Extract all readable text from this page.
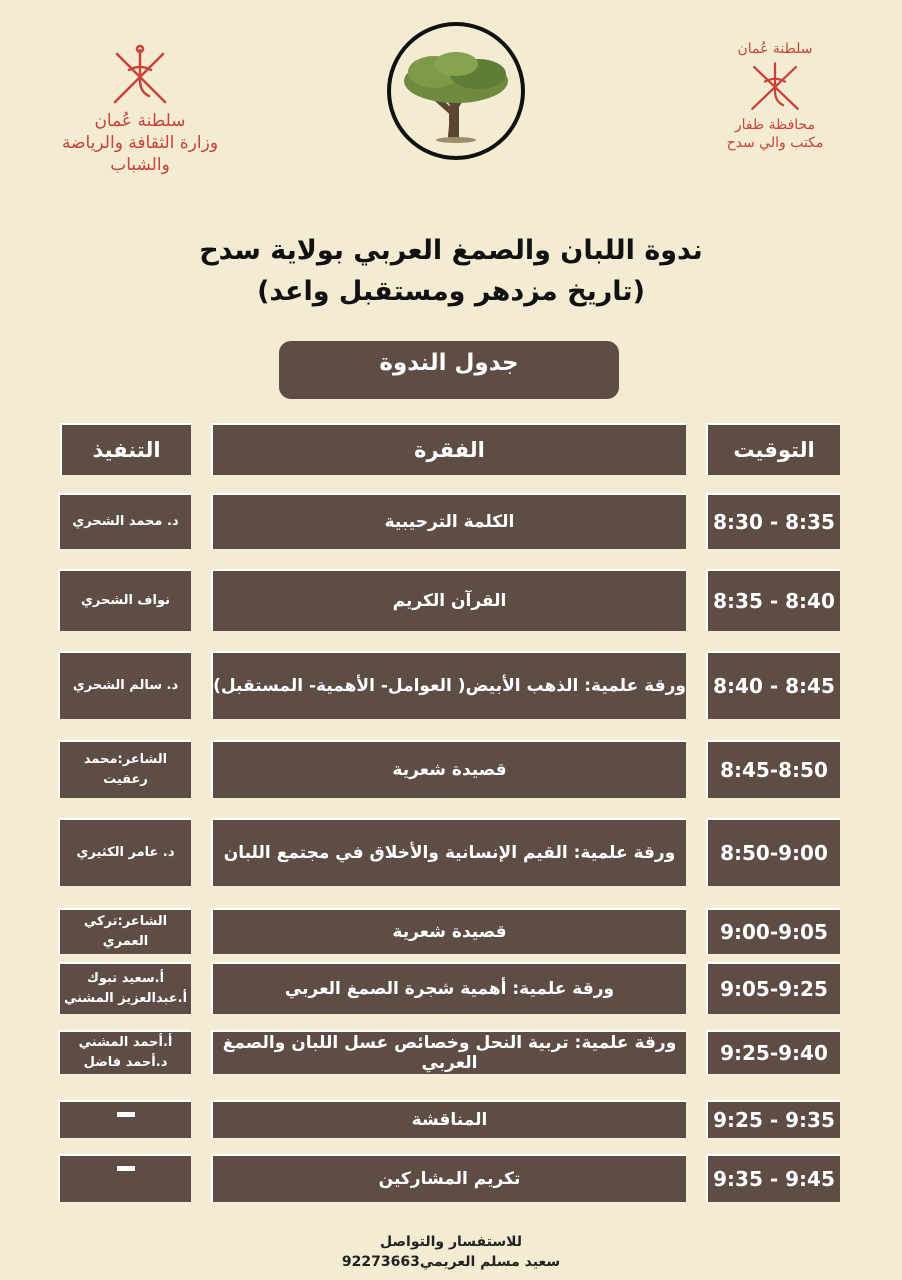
سلطنة عُمان
وزارة الثقافة والرياضة والشباب
سلطنة عُمان
محافظة ظفار
مكتب والي سدح
ندوة اللبان والصمغ العربي بولاية سدح
(تاريخ مزدهر ومستقبل واعد)
جدول الندوة
التوقيت
الفقرة
التنفيذ
8:30 - 8:35
الكلمة الترحيبية
د. محمد الشحري
8:35 - 8:40
القرآن الكريم
نواف الشحري
8:40 - 8:45
ورقة علمية: الذهب الأبيض( العوامل- الأهمية- المستقبل)
د. سالم الشحري
8:45-8:50
قصيدة شعرية
الشاعر:محمد رعفيت
8:50-9:00
ورقة علمية: القيم الإنسانية والأخلاق في مجتمع اللبان
د. عامر الكثيري
9:00-9:05
قصيدة شعرية
الشاعر:تركي العمري
9:05-9:25
ورقة علمية: أهمية شجرة الصمغ العربي
أ.سعيد تبوك
أ.عبدالعزيز المشني
9:25-9:40
ورقة علمية: تربية النحل وخصائص عسل اللبان والصمغ العربي
أ.أحمد المشني
د.أحمد فاضل
9:25 - 9:35
المناقشة
9:35 - 9:45
تكريم المشاركين
للاستفسار والتواصل
سعيد مسلم العريمي92273663
